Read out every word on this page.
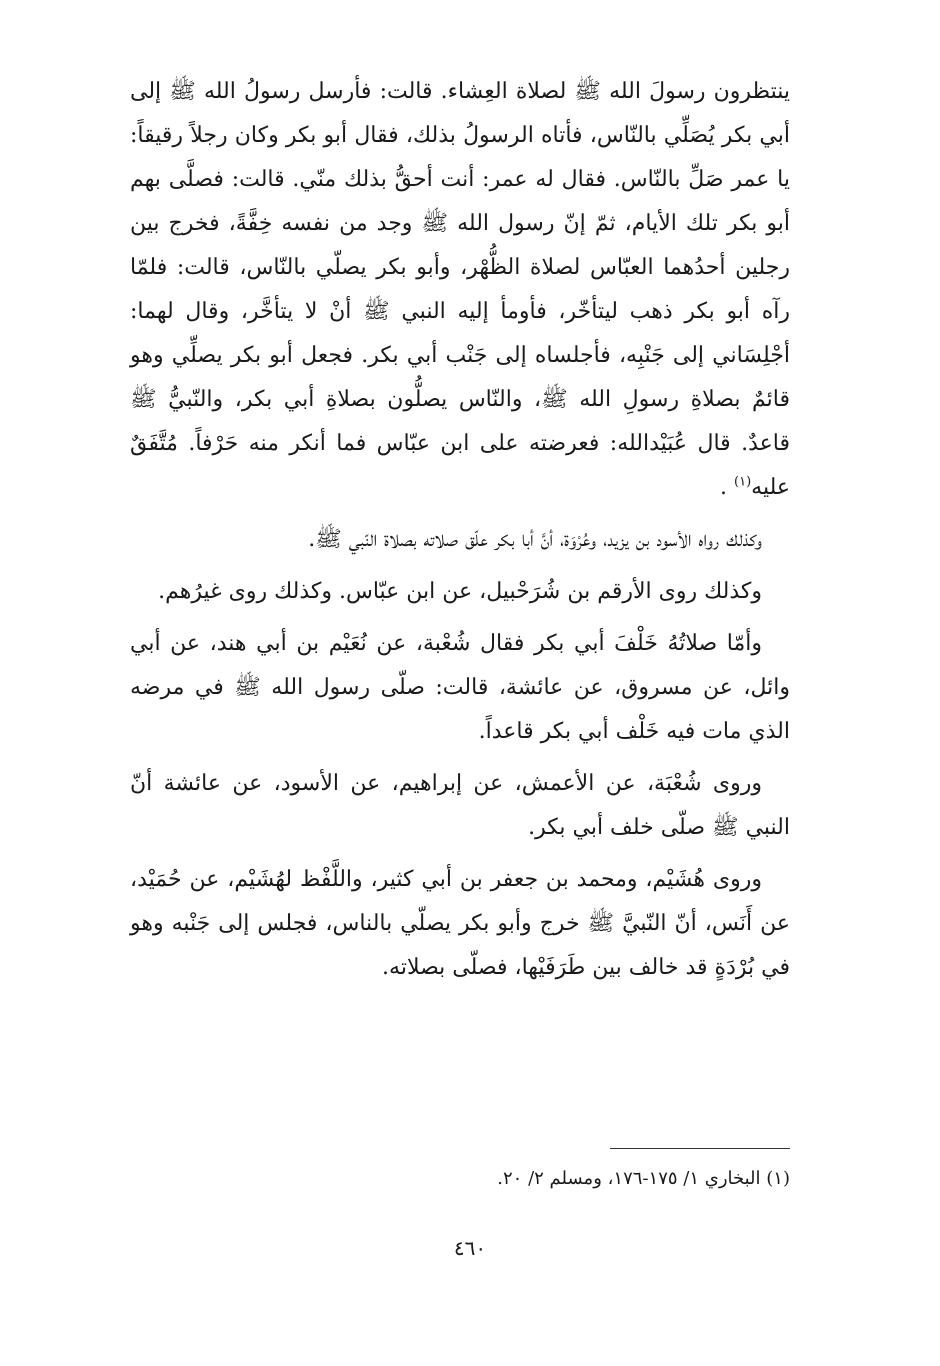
ينتظرون رسولَ الله ﷺ لصلاة العِشاء. قالت: فأرسل رسولُ الله ﷺ إلى أبي بكر يُصَلِّي بالنّاس، فأتاه الرسولُ بذلك، فقال أبو بكر وكان رجلاً رقيقاً: يا عمر صَلِّ بالنّاس. فقال له عمر: أنت أحقُّ بذلك منّي. قالت: فصلَّى بهم أبو بكر تلك الأيام، ثمّ إنّ رسول الله ﷺ وجد من نفسه خِفَّةً، فخرج بين رجلين أحدُهما العبّاس لصلاة الظُّهْر، وأبو بكر يصلّي بالنّاس، قالت: فلمّا رآه أبو بكر ذهب ليتأخّر، فأومأ إليه النبي ﷺ أنْ لا يتأخَّر، وقال لهما: أجْلِسَاني إلى جَنْبِه، فأجلساه إلى جَنْب أبي بكر. فجعل أبو بكر يصلِّي وهو قائمٌ بصلاةِ رسولِ الله ﷺ، والنّاس يصلُّون بصلاةِ أبي بكر، والنّبيُّ ﷺ قاعدٌ. قال عُبَيْدالله: فعرضته على ابن عبّاس فما أنكر منه حَرْفاً. مُتَّفَقٌ عليه$^{(١)}$ .

وكذلك رواه الأسود بن يزيد، وعُرْوَة، أنَّ أبا بكر علّق صلاته بصلاة النّبي ﷺ.

وكذلك روى الأرقم بن شُرَحْبيل، عن ابن عبّاس. وكذلك روى غيرُهم.

وأمّا صلاتُهُ خَلْفَ أبي بكر فقال شُعْبة، عن نُعَيْم بن أبي هند، عن أبي وائل، عن مسروق، عن عائشة، قالت: صلّى رسول الله ﷺ في مرضه الذي مات فيه خَلْف أبي بكر قاعداً.

وروى شُعْبَة، عن الأعمش، عن إبراهيم، عن الأسود، عن عائشة أنّ النبي ﷺ صلّى خلف أبي بكر.

وروى هُشَيْم، ومحمد بن جعفر بن أبي كثير، واللَّفْظ لهُشَيْم، عن حُمَيْد، عن أَنَس، أنّ النّبيَّ ﷺ خرج وأبو بكر يصلّي بالناس، فجلس إلى جَنْبه وهو في بُرْدَةٍ قد خالف بين طَرَفَيْها، فصلّى بصلاته.

(١) البخاري ١/ ١٧٥-١٧٦، ومسلم ٢/ ٢٠.
٤٦٠
